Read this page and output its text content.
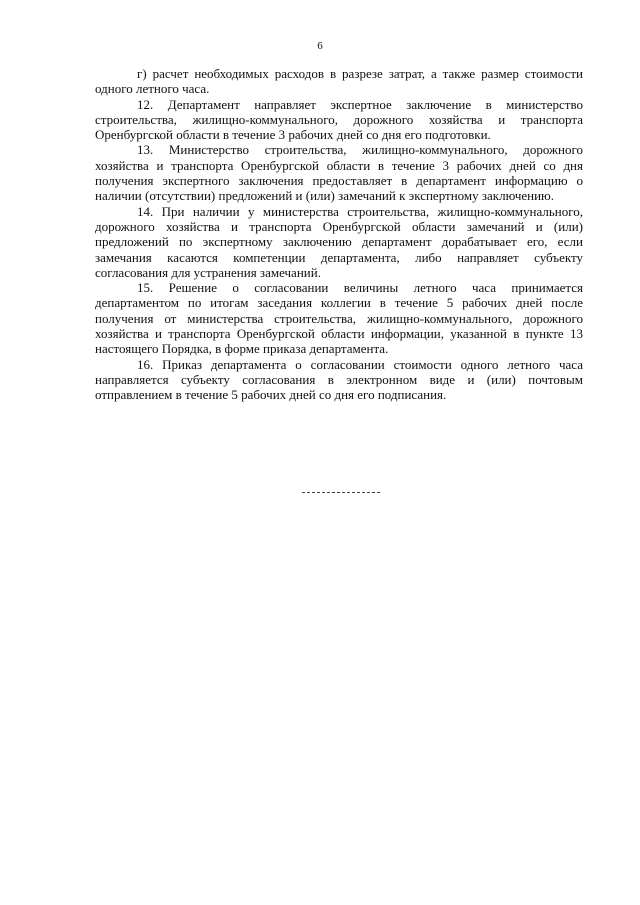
6

г) расчет необходимых расходов в разрезе затрат, а также размер стоимости одного летного часа.

12. Департамент направляет экспертное заключение в министерство строительства, жилищно-коммунального, дорожного хозяйства и транспорта Оренбургской области в течение 3 рабочих дней со дня его подготовки.

13. Министерство строительства, жилищно-коммунального, дорожного хозяйства и транспорта Оренбургской области в течение 3 рабочих дней со дня получения экспертного заключения предоставляет в департамент информацию о наличии (отсутствии) предложений и (или) замечаний к экспертному заключению.

14. При наличии у министерства строительства, жилищно-коммунального, дорожного хозяйства и транспорта Оренбургской области замечаний и (или) предложений по экспертному заключению департамент дорабатывает его, если замечания касаются компетенции департамента, либо направляет субъекту согласования для устранения замечаний.

15. Решение о согласовании величины летного часа принимается департаментом по итогам заседания коллегии в течение 5 рабочих дней после получения от министерства строительства, жилищно-коммунального, дорожного хозяйства и транспорта Оренбургской области информации, указанной в пункте 13 настоящего Порядка, в форме приказа департамента.

16. Приказ департамента о согласовании стоимости одного летного часа направляется субъекту согласования в электронном виде и (или) почтовым отправлением в течение 5 рабочих дней со дня его подписания.
